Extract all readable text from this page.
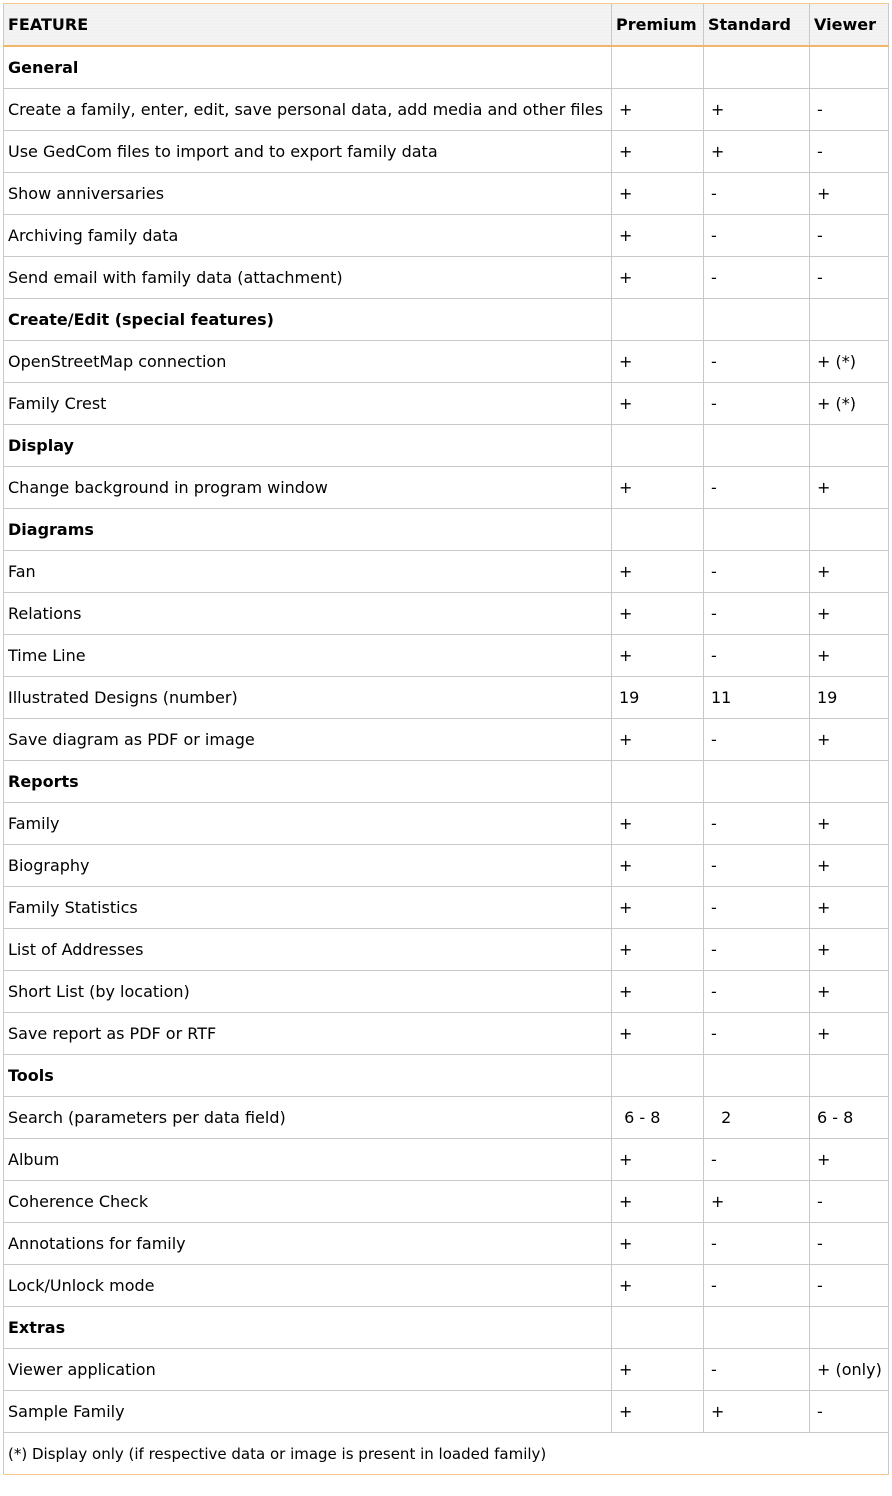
FEATURE	Premium	Standard	Viewer
General			
Create a family, enter, edit, save personal data, add media and other files	+	+	-
Use GedCom files to import and to export family data	+	+	-
Show anniversaries	+	-	+
Archiving family data	+	-	-
Send email with family data (attachment)	+	-	-
Create/Edit (special features)			
OpenStreetMap connection	+	-	+ (*)
Family Crest	+	-	+ (*)
Display			
Change background in program window	+	-	+
Diagrams			
Fan	+	-	+
Relations	+	-	+
Time Line	+	-	+
Illustrated Designs (number)	19	11	19
Save diagram as PDF or image	+	-	+
Reports			
Family	+	-	+
Biography	+	-	+
Family Statistics	+	-	+
List of Addresses	+	-	+
Short List (by location)	+	-	+
Save report as PDF or RTF	+	-	+
Tools			
Search (parameters per data field)	6 - 8	2	6 - 8
Album	+	-	+
Coherence Check	+	+	-
Annotations for family	+	-	-
Lock/Unlock mode	+	-	-
Extras			
Viewer application	+	-	+ (only)
Sample Family	+	+	-
(*) Display only (if respective data or image is present in loaded family)			
